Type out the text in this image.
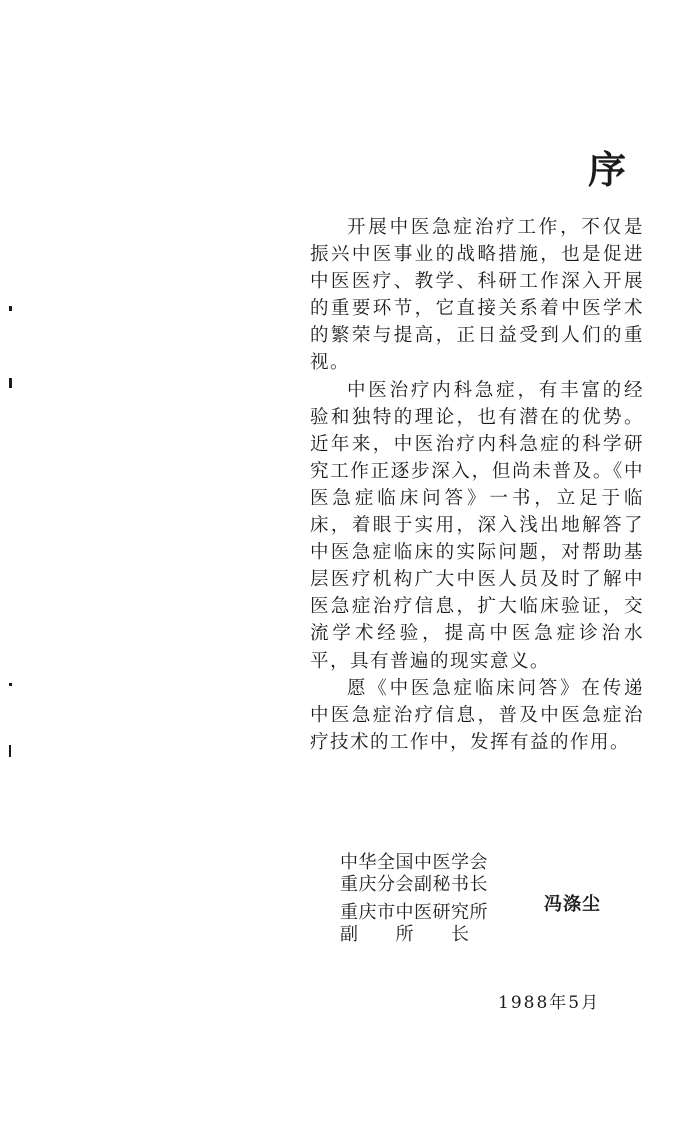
序

开展中医急症治疗工作，不仅是振兴中医事业的战略措施，也是促进中医医疗、教学、科研工作深入开展的重要环节，它直接关系着中医学术的繁荣与提高，正日益受到人们的重视。

中医治疗内科急症，有丰富的经验和独特的理论，也有潜在的优势。近年来，中医治疗内科急症的科学研究工作正逐步深入，但尚未普及。《中医急症临床问答》一书，立足于临床，着眼于实用，深入浅出地解答了中医急症临床的实际问题，对帮助基层医疗机构广大中医人员及时了解中医急症治疗信息，扩大临床验证，交流学术经验，提高中医急症诊治水平，具有普遍的现实意义。

愿《中医急症临床问答》在传递中医急症治疗信息，普及中医急症治疗技术的工作中，发挥有益的作用。

中华全国中医学会
重庆分会副秘书长
重庆市中医研究所
副　　所　　长
冯涤尘
1988年5月
